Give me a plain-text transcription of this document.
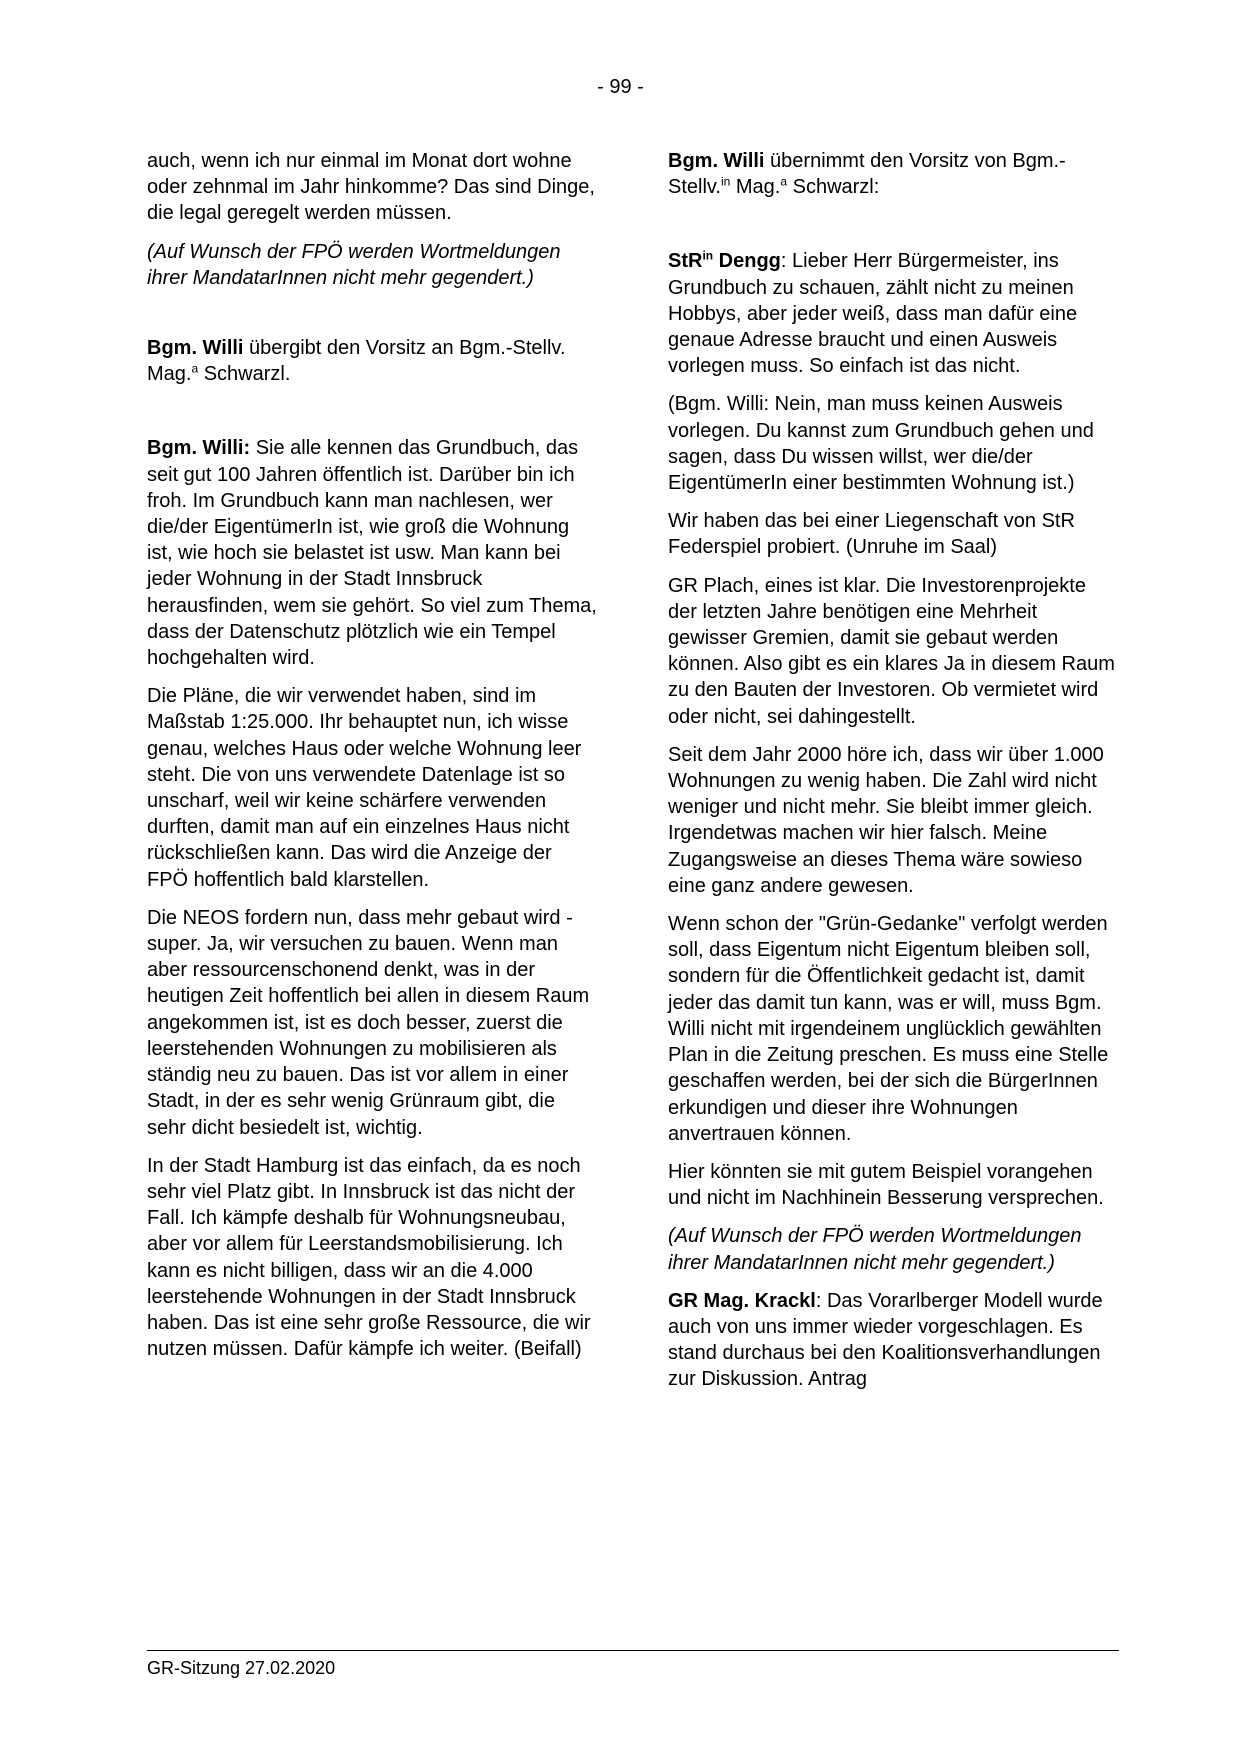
- 99 -

auch, wenn ich nur einmal im Monat dort wohne oder zehnmal im Jahr hinkomme? Das sind Dinge, die legal geregelt werden müssen.

(Auf Wunsch der FPÖ werden Wortmeldungen ihrer MandatarInnen nicht mehr gegendert.)

Bgm. Willi übergibt den Vorsitz an Bgm.-Stellv. Mag.$^a$ Schwarzl.

Bgm. Willi: Sie alle kennen das Grundbuch, das seit gut 100 Jahren öffentlich ist. Darüber bin ich froh. Im Grundbuch kann man nachlesen, wer die/der EigentümerIn ist, wie groß die Wohnung ist, wie hoch sie belastet ist usw. Man kann bei jeder Wohnung in der Stadt Innsbruck herausfinden, wem sie gehört. So viel zum Thema, dass der Datenschutz plötzlich wie ein Tempel hochgehalten wird.

Die Pläne, die wir verwendet haben, sind im Maßstab 1:25.000. Ihr behauptet nun, ich wisse genau, welches Haus oder welche Wohnung leer steht. Die von uns verwendete Datenlage ist so unscharf, weil wir keine schärfere verwenden durften, damit man auf ein einzelnes Haus nicht rückschließen kann. Das wird die Anzeige der FPÖ hoffentlich bald klarstellen.

Die NEOS fordern nun, dass mehr gebaut wird - super. Ja, wir versuchen zu bauen. Wenn man aber ressourcenschonend denkt, was in der heutigen Zeit hoffentlich bei allen in diesem Raum angekommen ist, ist es doch besser, zuerst die leerstehenden Wohnungen zu mobilisieren als ständig neu zu bauen. Das ist vor allem in einer Stadt, in der es sehr wenig Grünraum gibt, die sehr dicht besiedelt ist, wichtig.

In der Stadt Hamburg ist das einfach, da es noch sehr viel Platz gibt. In Innsbruck ist das nicht der Fall. Ich kämpfe deshalb für Wohnungsneubau, aber vor allem für Leerstandsmobilisierung. Ich kann es nicht billigen, dass wir an die 4.000 leerstehende Wohnungen in der Stadt Innsbruck haben. Das ist eine sehr große Ressource, die wir nutzen müssen. Dafür kämpfe ich weiter. (Beifall)

Bgm. Willi übernimmt den Vorsitz von Bgm.-Stellv.$^{in}$ Mag.$^a$ Schwarzl:

StR$^{in}$ Dengg: Lieber Herr Bürgermeister, ins Grundbuch zu schauen, zählt nicht zu meinen Hobbys, aber jeder weiß, dass man dafür eine genaue Adresse braucht und einen Ausweis vorlegen muss. So einfach ist das nicht.

(Bgm. Willi: Nein, man muss keinen Ausweis vorlegen. Du kannst zum Grundbuch gehen und sagen, dass Du wissen willst, wer die/der EigentümerIn einer bestimmten Wohnung ist.)

Wir haben das bei einer Liegenschaft von StR Federspiel probiert. (Unruhe im Saal)

GR Plach, eines ist klar. Die Investorenprojekte der letzten Jahre benötigen eine Mehrheit gewisser Gremien, damit sie gebaut werden können. Also gibt es ein klares Ja in diesem Raum zu den Bauten der Investoren. Ob vermietet wird oder nicht, sei dahingestellt.

Seit dem Jahr 2000 höre ich, dass wir über 1.000 Wohnungen zu wenig haben. Die Zahl wird nicht weniger und nicht mehr. Sie bleibt immer gleich. Irgendetwas machen wir hier falsch. Meine Zugangsweise an dieses Thema wäre sowieso eine ganz andere gewesen.

Wenn schon der "Grün-Gedanke" verfolgt werden soll, dass Eigentum nicht Eigentum bleiben soll, sondern für die Öffentlichkeit gedacht ist, damit jeder das damit tun kann, was er will, muss Bgm. Willi nicht mit irgendeinem unglücklich gewählten Plan in die Zeitung preschen. Es muss eine Stelle geschaffen werden, bei der sich die BürgerInnen erkundigen und dieser ihre Wohnungen anvertrauen können.

Hier könnten sie mit gutem Beispiel vorangehen und nicht im Nachhinein Besserung versprechen.

(Auf Wunsch der FPÖ werden Wortmeldungen ihrer MandatarInnen nicht mehr gegendert.)

GR Mag. Krackl: Das Vorarlberger Modell wurde auch von uns immer wieder vorgeschlagen. Es stand durchaus bei den Koalitionsverhandlungen zur Diskussion. Antrag

GR-Sitzung 27.02.2020
